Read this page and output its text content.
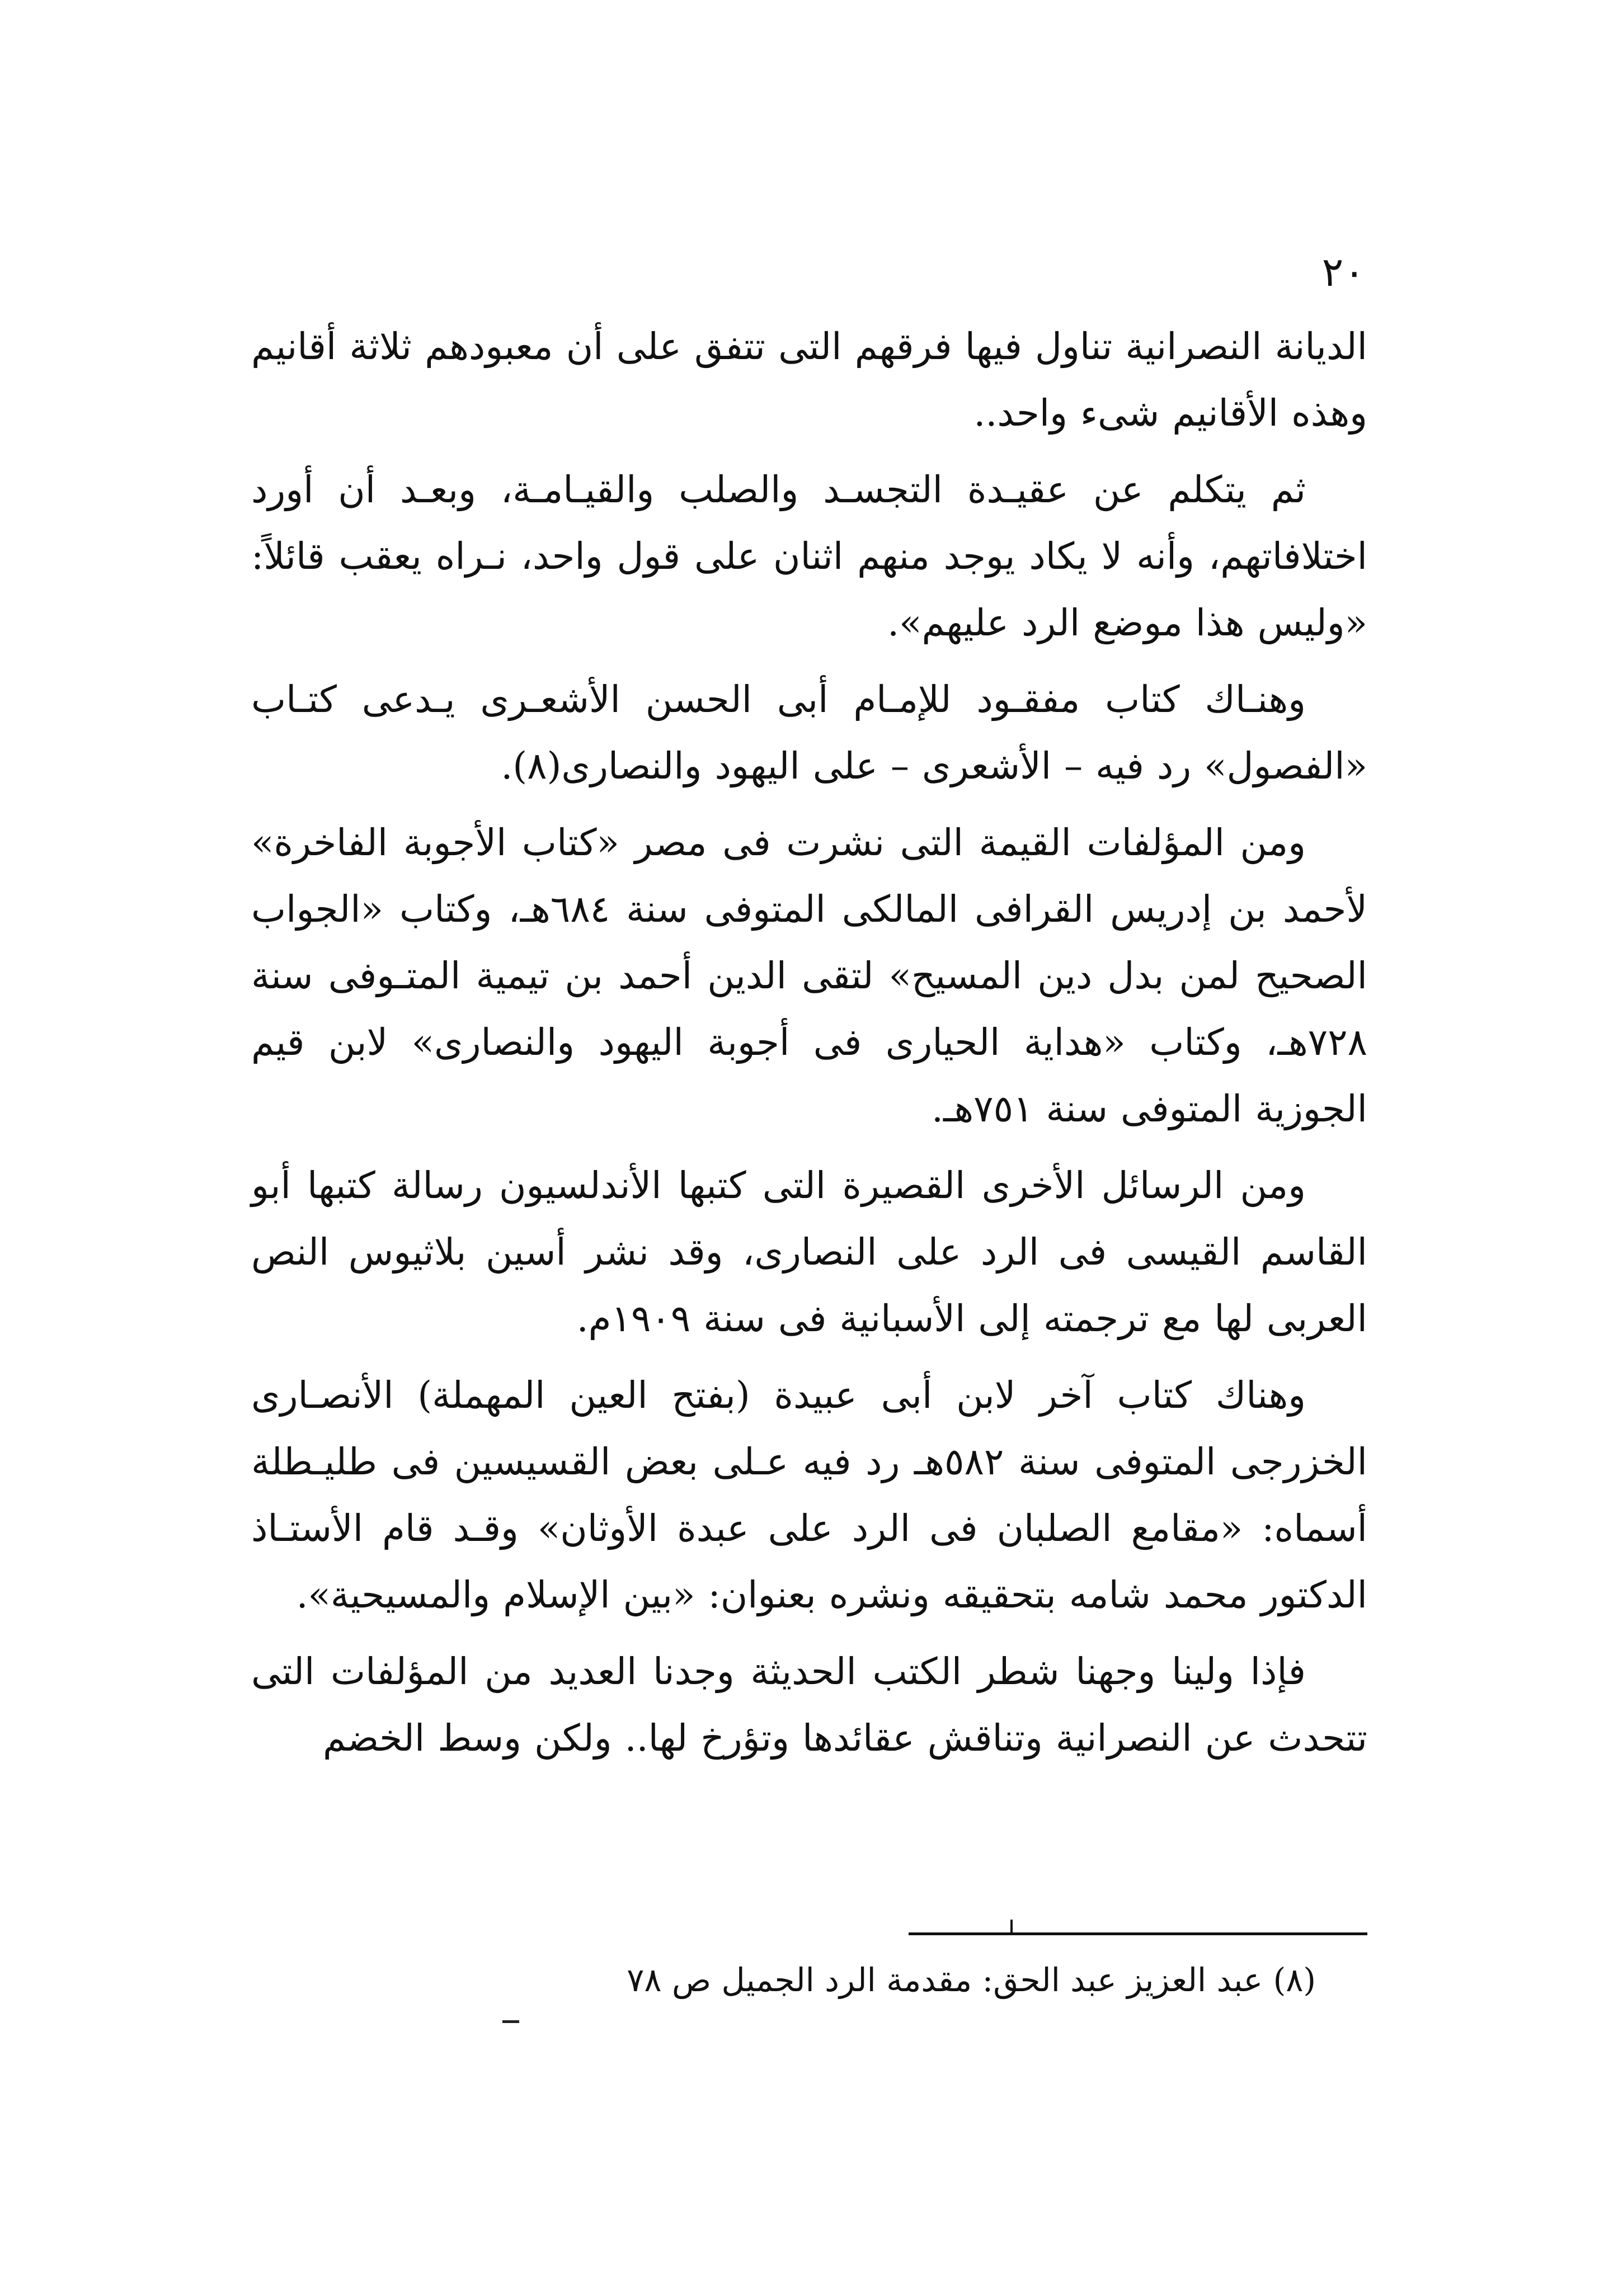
٢٠

الديانة النصرانية تناول فيها فرقهم التى تتفق على أن معبودهم ثلاثة أقانيم وهذه الأقانيم شىء واحد..

ثم يتكلم عن عقيـدة التجسـد والصلب والقيـامـة، وبعـد أن أورد اختلافاتهم، وأنه لا يكاد يوجد منهم اثنان على قول واحد، نـراه يعقب قائلاً: «وليس هذا موضع الرد عليهم».

وهنـاك كتاب مفقـود للإمـام أبى الحسن الأشعـرى يـدعى كتـاب «الفصول» رد فيه – الأشعرى – على اليهود والنصارى(٨).

ومن المؤلفات القيمة التى نشرت فى مصر «كتاب الأجوبة الفاخرة» لأحمد بن إدريس القرافى المالكى المتوفى سنة ٦٨٤هـ، وكتاب «الجواب الصحيح لمن بدل دين المسيح» لتقى الدين أحمد بن تيمية المتـوفى سنة ٧٢٨هـ، وكتاب «هداية الحيارى فى أجوبة اليهود والنصارى» لابن قيم الجوزية المتوفى سنة ٧٥١هـ.

ومن الرسائل الأخرى القصيرة التى كتبها الأندلسيون رسالة كتبها أبو القاسم القيسى فى الرد على النصارى، وقد نشر أسين بلاثيوس النص العربى لها مع ترجمته إلى الأسبانية فى سنة ١٩٠٩م.

وهناك كتاب آخر لابن أبى عبيدة (بفتح العين المهملة) الأنصـارى الخزرجى المتوفى سنة ٥٨٢هـ رد فيه عـلى بعض القسيسين فى طليـطلة أسماه: «مقامع الصلبان فى الرد على عبدة الأوثان» وقـد قام الأستـاذ الدكتور محمد شامه بتحقيقه ونشره بعنوان: «بين الإسلام والمسيحية».

فإذا ولينا وجهنا شطر الكتب الحديثة وجدنا العديد من المؤلفات التى تتحدث عن النصرانية وتناقش عقائدها وتؤرخ لها.. ولكن وسط الخضم

(٨) عبد العزيز عبد الحق: مقدمة الرد الجميل ص ٧٨
